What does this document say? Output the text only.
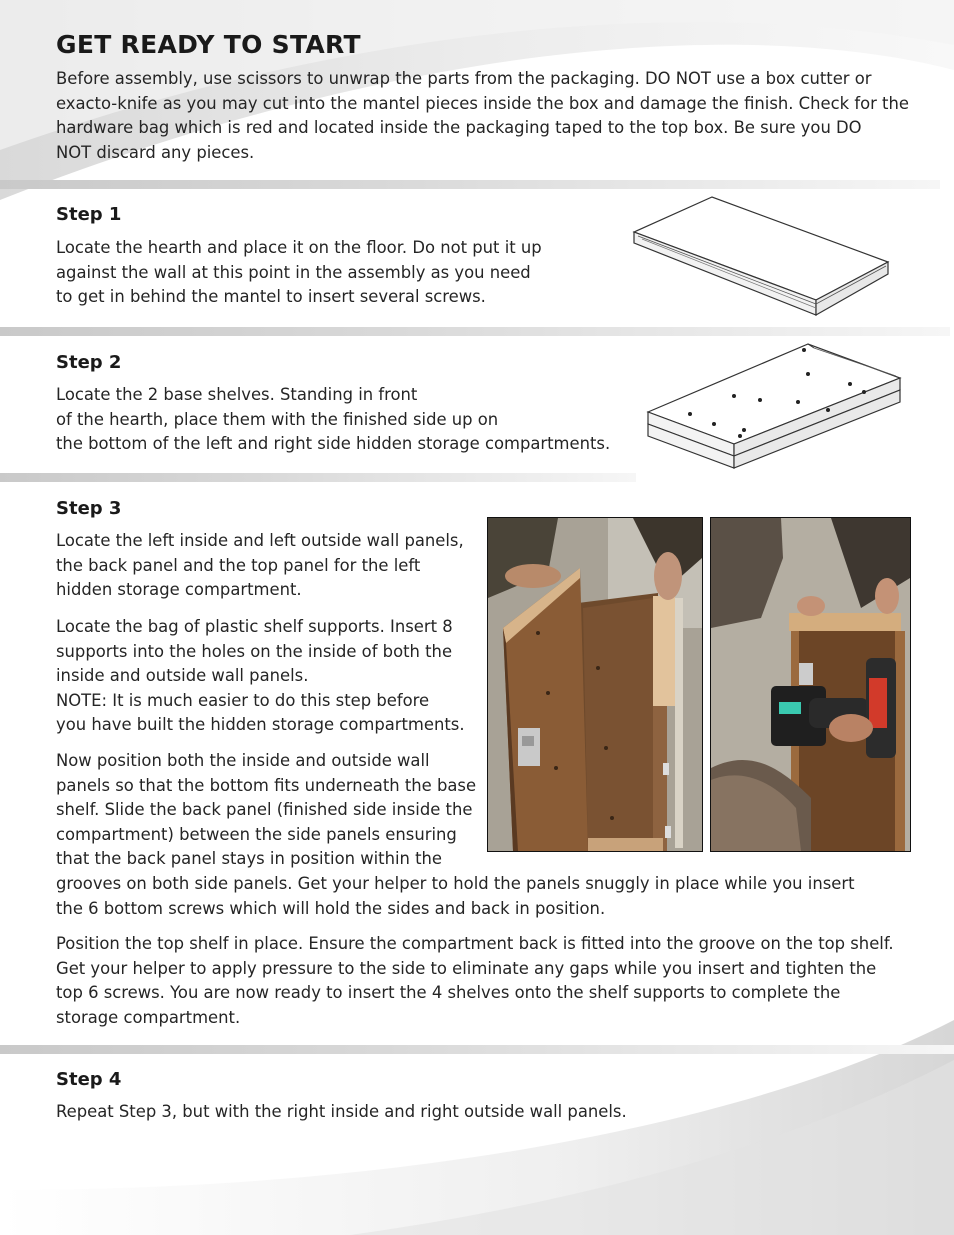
GET READY TO START

Before assembly, use scissors to unwrap the parts from the packaging. DO NOT use a box cutter or
exacto-knife as you may cut into the mantel pieces inside the box and damage the finish. Check for the
hardware bag which is red and located inside the packaging taped to the top box. Be sure you DO
NOT discard any pieces.

Step 1

Locate the hearth and place it on the floor. Do not put it up
against the wall at this point in the assembly as you need
to get in behind the mantel to insert several screws.

Step 2

Locate the 2 base shelves. Standing in front
of the hearth, place them with the finished side up on
the bottom of the left and right side hidden storage compartments.

Step 3

Locate the left inside and left outside wall panels,
the back panel and the top panel for the left
hidden storage compartment.

Locate the bag of plastic shelf supports. Insert 8
supports into the holes on the inside of both the
inside and outside wall panels.
NOTE: It is much easier to do this step before
you have built the hidden storage compartments.

Now position both the inside and outside wall
panels so that the bottom fits underneath the base
shelf. Slide the back panel (finished side inside the
compartment) between the side panels ensuring
that the back panel stays in position within the
grooves on both side panels. Get your helper to hold the panels snuggly in place while you insert
the 6 bottom screws which will hold the sides and back in position.

Position the top shelf in place. Ensure the compartment back is fitted into the groove on the top shelf.
Get your helper to apply pressure to the side to eliminate any gaps while you insert and tighten the
top 6 screws. You are now ready to insert the 4 shelves onto the shelf supports to complete the
storage compartment.

Step 4

Repeat Step 3, but with the right inside and right outside wall panels.
